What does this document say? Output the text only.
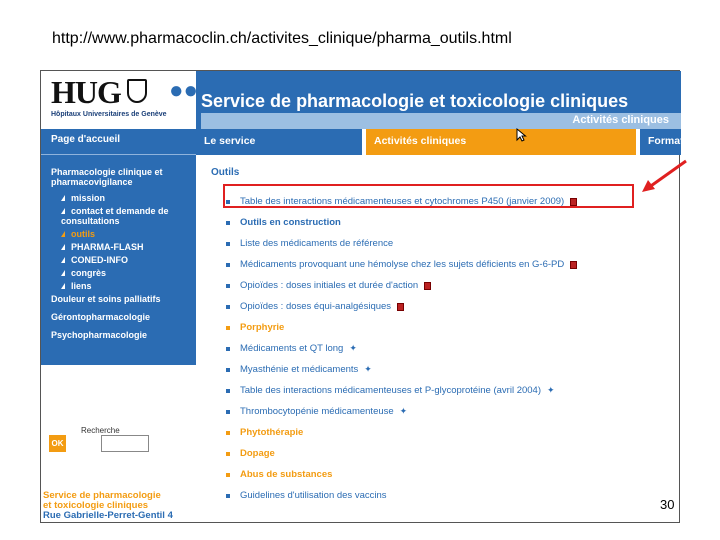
http://www.pharmacoclin.ch/activites_clinique/pharma_outils.html
HUG ●●
Hôpitaux Universitaires de Genève
Service de pharmacologie et toxicologie cliniques
Activités cliniques
Le service	Activités cliniques	Format
Page d'accueil
Pharmacologie clinique et pharmacovigilance
mission
contact et demande de consultations
outils
PHARMA-FLASH
CONED-INFO
congrès
liens
Douleur et soins palliatifs
Gérontopharmacologie
Psychopharmacologie
Recherche
OK
Service de pharmacologie
et toxicologie cliniques
Rue Gabrielle-Perret-Gentil 4
Outils
Table des interactions médicamenteuses et cytochromes P450 (janvier 2009)
Outils en construction
Liste des médicaments de référence
Médicaments provoquant une hémolyse chez les sujets déficients en G-6-PD
Opioïdes : doses initiales et durée d'action
Opioïdes : doses équi-analgésiques
Porphyrie
Médicaments et QT long ✦
Myasthénie et médicaments ✦
Table des interactions médicamenteuses et P-glycoprotéine (avril 2004) ✦
Thrombocytopénie médicamenteuse ✦
Phytothérapie
Dopage
Abus de substances
Guidelines d'utilisation des vaccins
30
